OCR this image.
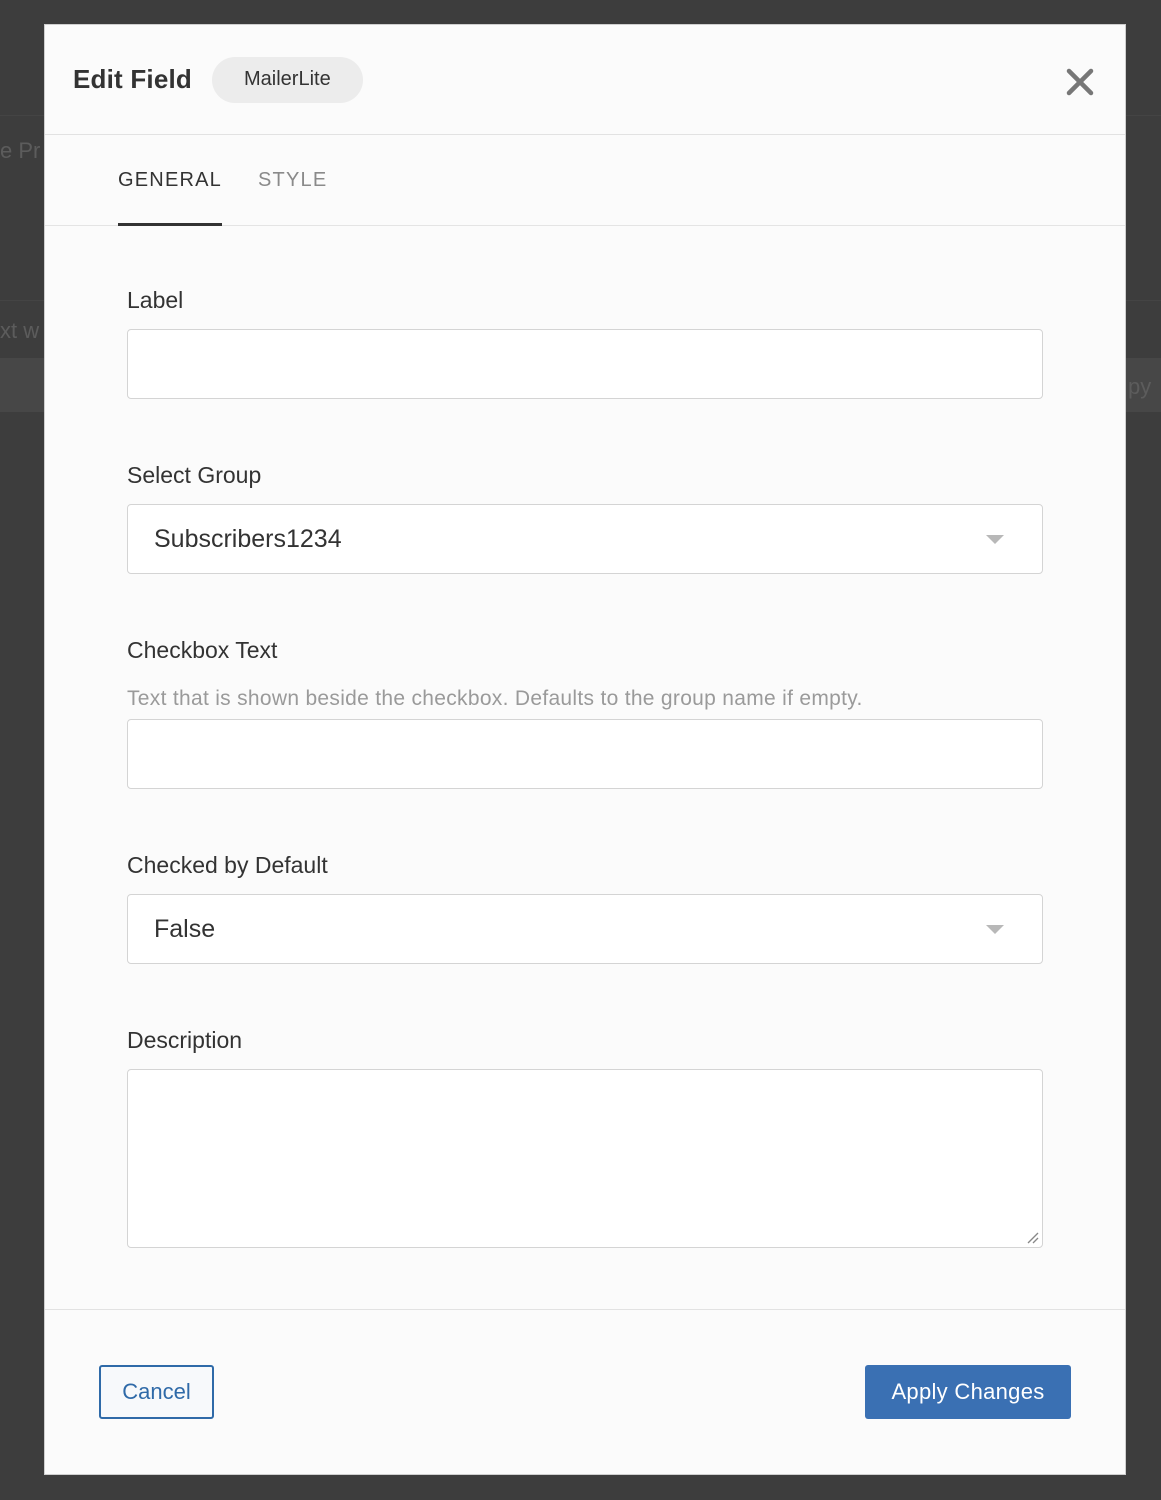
e Pr
xt w
py
Edit Field	MailerLite
GENERAL STYLE
Label
Select Group
Subscribers1234
Checkbox Text
Text that is shown beside the checkbox. Defaults to the group name if empty.
Checked by Default
False
Description
Cancel	Apply Changes
